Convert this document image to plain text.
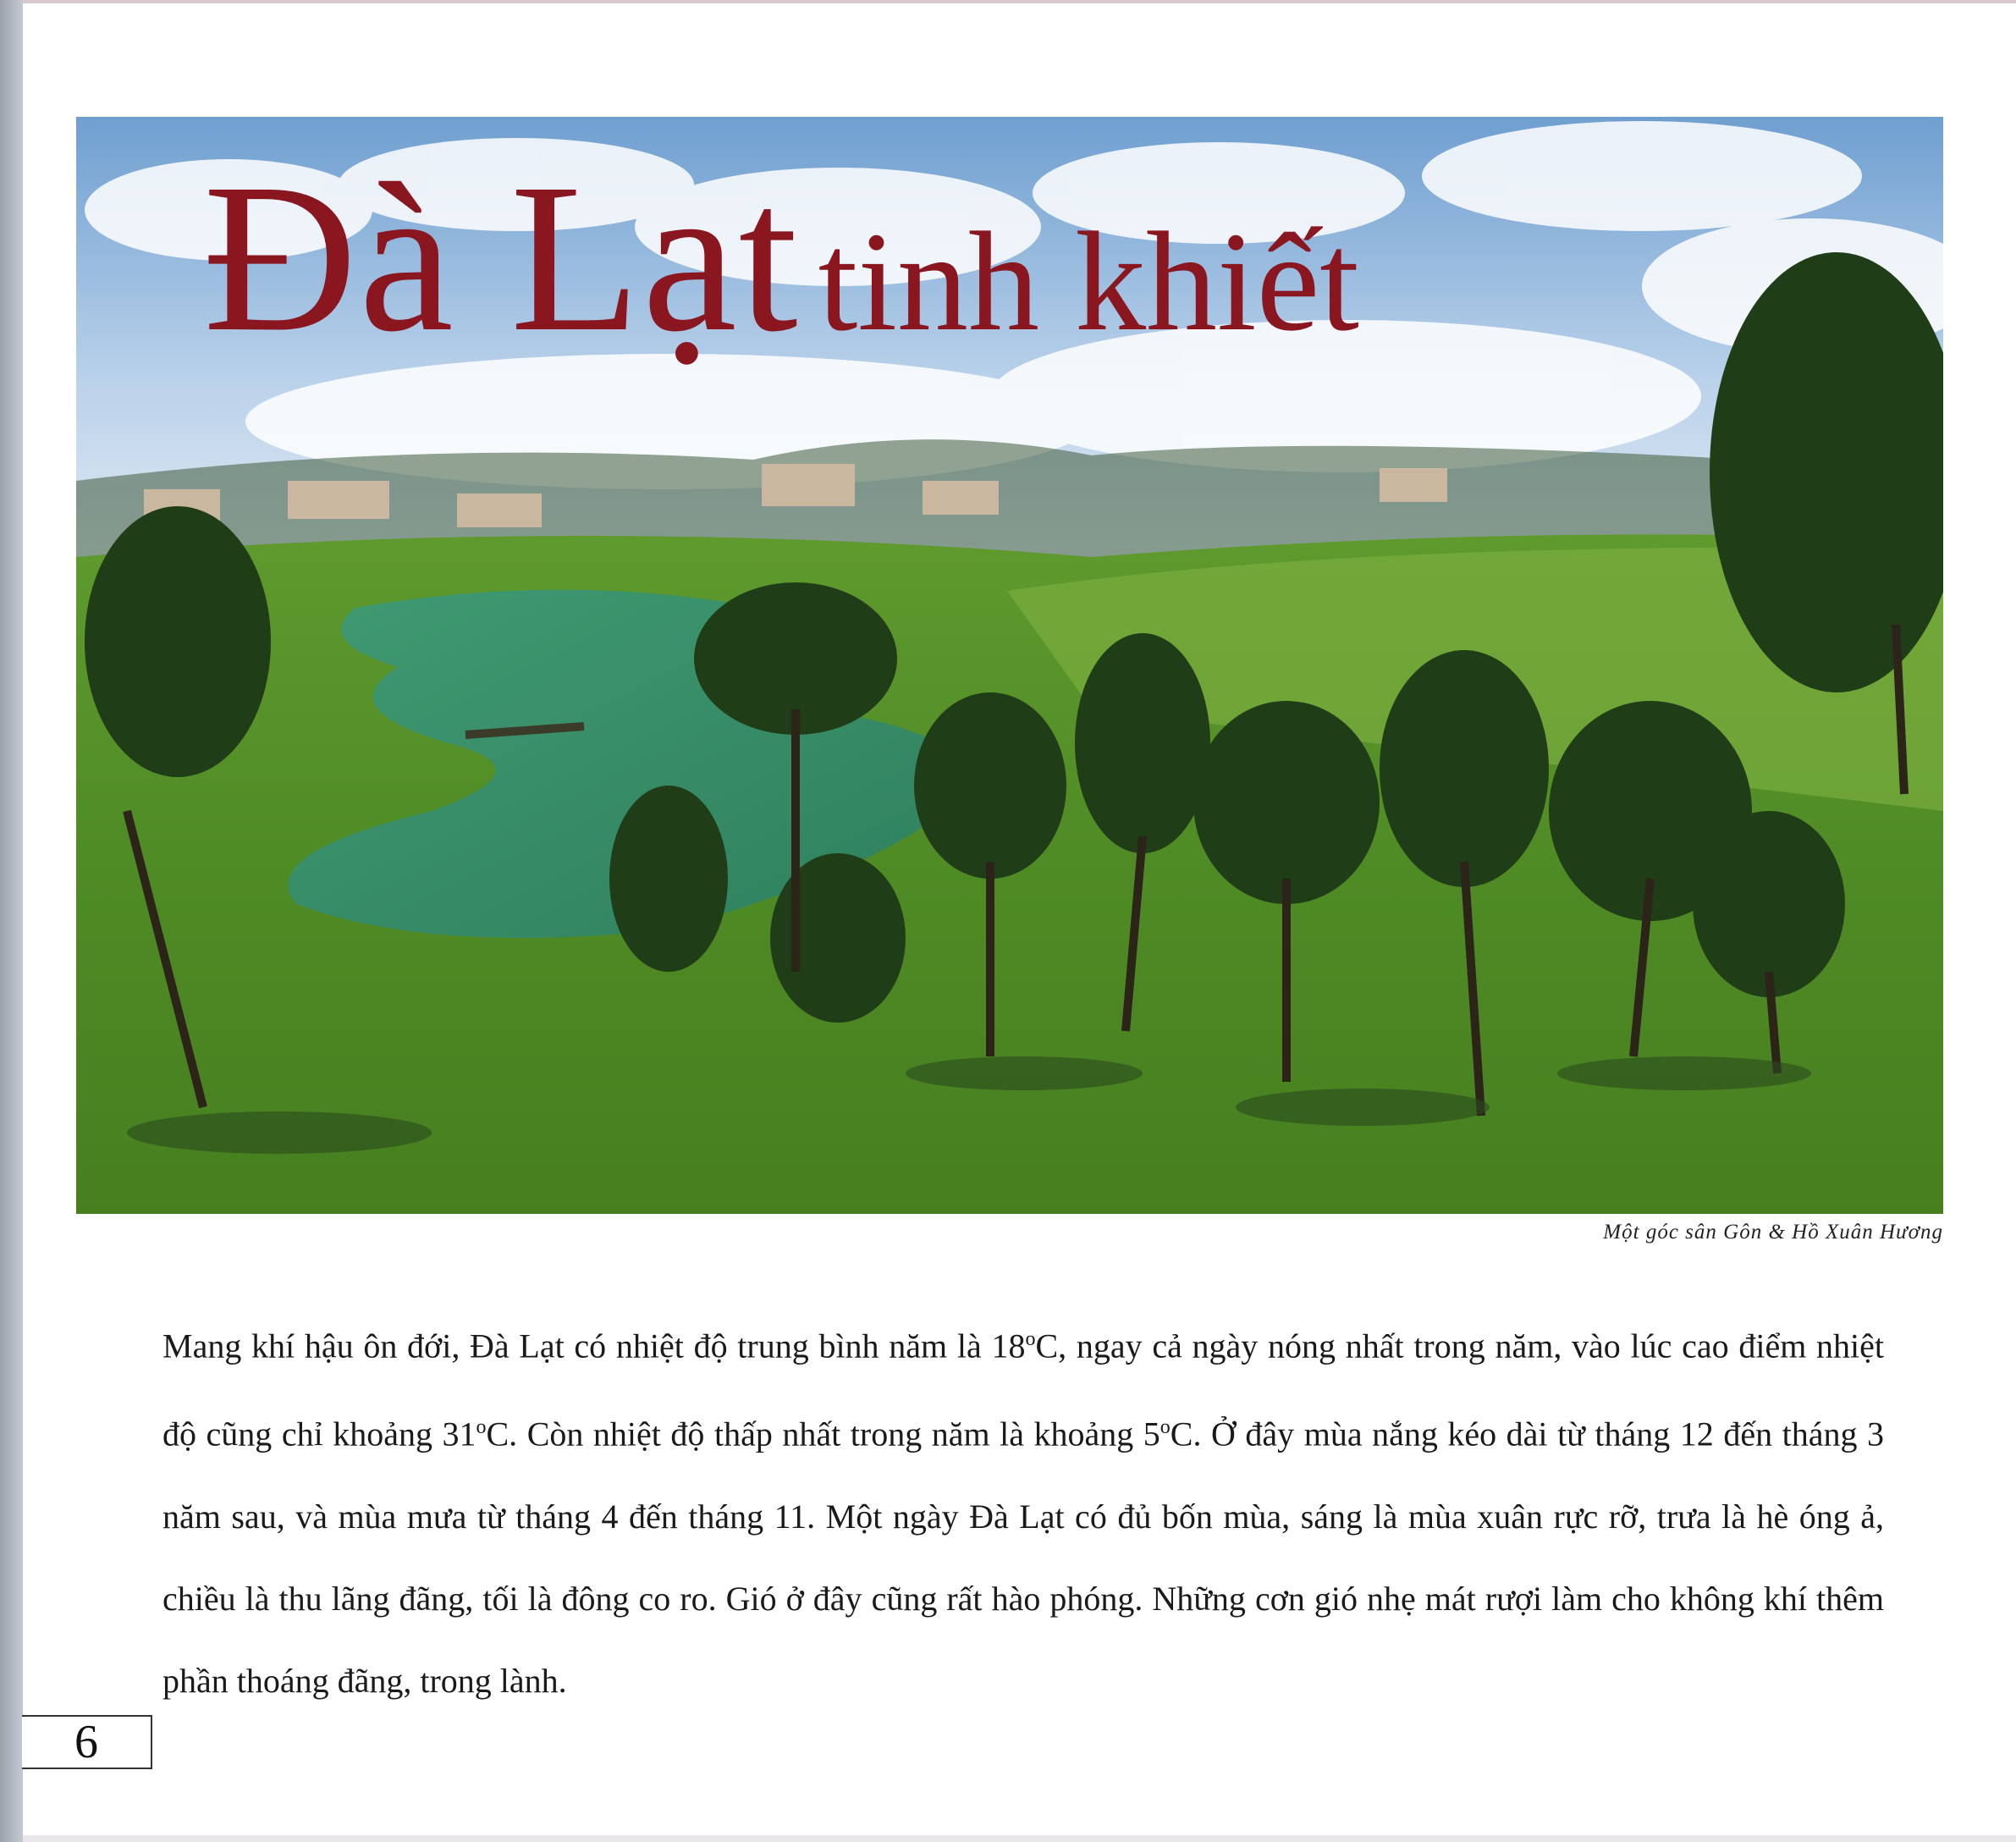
Đà Lạt tinh khiết
Một góc sân Gôn & Hồ Xuân Hương

Mang khí hậu ôn đới, Đà Lạt có nhiệt độ trung bình năm là 18$^o$C, ngay cả ngày nóng nhất trong năm, vào lúc cao điểm nhiệt độ cũng chỉ khoảng 31$^o$C. Còn nhiệt độ thấp nhất trong năm là khoảng 5$^o$C. Ở đây mùa nắng kéo dài từ tháng 12 đến tháng 3 năm sau, và mùa mưa từ tháng 4 đến tháng 11. Một ngày Đà Lạt có đủ bốn mùa, sáng là mùa xuân rực rỡ, trưa là hè óng ả, chiều là thu lãng đãng, tối là đông co ro. Gió ở đây cũng rất hào phóng. Những cơn gió nhẹ mát rượi làm cho không khí thêm phần thoáng đãng, trong lành.

6
